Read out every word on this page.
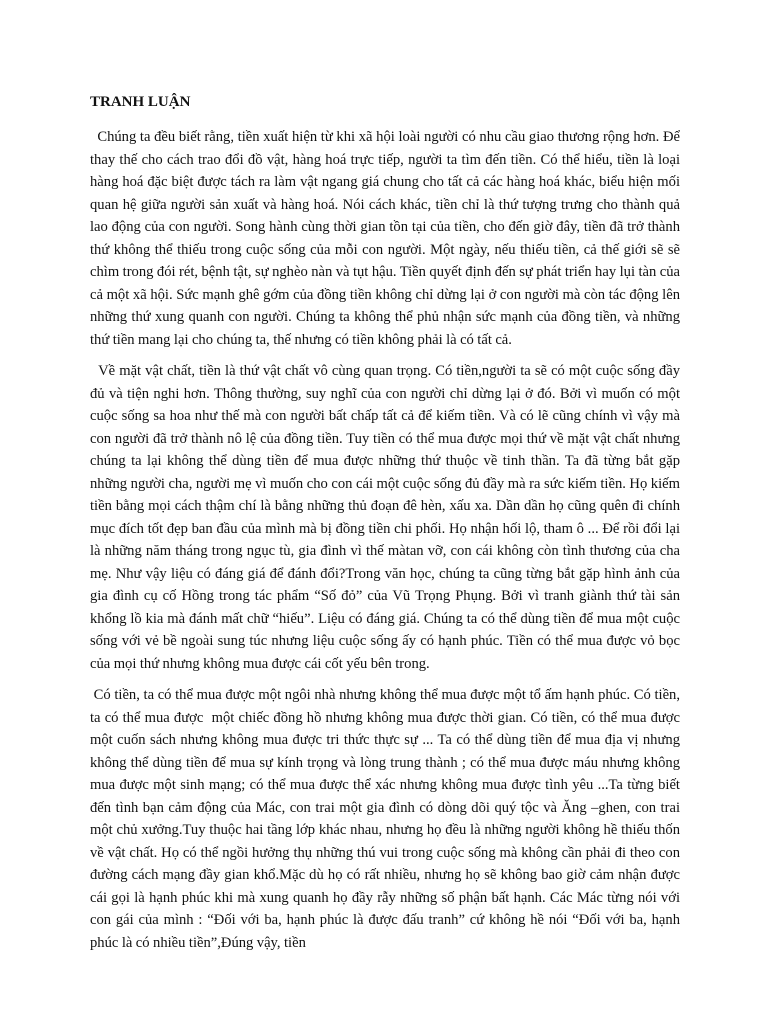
TRANH LUẬN

Chúng ta đều biết rằng, tiền xuất hiện từ khi xã hội loài người có nhu cầu giao thương rộng hơn. Để thay thế cho cách trao đổi đồ vật, hàng hoá trực tiếp, người ta tìm đến tiền. Có thể hiểu, tiền là loại hàng hoá đặc biệt được tách ra làm vật ngang giá chung cho tất cả các hàng hoá khác, biểu hiện mối quan hệ giữa người sản xuất và hàng hoá. Nói cách khác, tiền chỉ là thứ tượng trưng cho thành quả lao động của con người. Song hành cùng thời gian tồn tại của tiền, cho đến giờ đây, tiền đã trở thành thứ không thể thiếu trong cuộc sống của mỗi con người. Một ngày, nếu thiếu tiền, cả thế giới sẽ sẽ chìm trong đói rét, bệnh tật, sự nghèo nàn và tụt hậu. Tiền quyết định đến sự phát triển hay lụi tàn của cả một xã hội. Sức mạnh ghê gớm của đồng tiền không chỉ dừng lại ở con người mà còn tác động lên những thứ xung quanh con người. Chúng ta không thể phủ nhận sức mạnh của đồng tiền, và những thứ tiền mang lại cho chúng ta, thế nhưng có tiền không phải là có tất cả.

Về mặt vật chất, tiền là thứ vật chất vô cùng quan trọng. Có tiền,người ta sẽ có một cuộc sống đầy đủ và tiện nghi hơn. Thông thường, suy nghĩ của con người chỉ dừng lại ở đó. Bởi vì muốn có một cuộc sống sa hoa như thế mà con người bất chấp tất cả để kiếm tiền. Và có lẽ cũng chính vì vậy mà con người đã trở thành nô lệ của đồng tiền. Tuy tiền có thể mua được mọi thứ về mặt vật chất nhưng chúng ta lại không thể dùng tiền để mua được những thứ thuộc về tinh thần. Ta đã từng bắt gặp những người cha, người mẹ vì muốn cho con cái một cuộc sống đủ đầy mà ra sức kiếm tiền. Họ kiếm tiền bằng mọi cách thậm chí là bằng những thủ đoạn đê hèn, xấu xa. Dần dần họ cũng quên đi chính mục đích tốt đẹp ban đầu của mình mà bị đồng tiền chi phối. Họ nhận hối lộ, tham ô ... Để rồi đổi lại là những năm tháng trong ngục tù, gia đình vì thế màtan vỡ, con cái không còn tình thương của cha mẹ. Như vậy liệu có đáng giá để đánh đổi?Trong văn học, chúng ta cũng từng bắt gặp hình ảnh của gia đình cụ cố Hồng trong tác phẩm “Số đỏ” của Vũ Trọng Phụng. Bởi vì tranh giành thứ tài sản khổng lồ kia mà đánh mất chữ “hiếu”. Liệu có đáng giá. Chúng ta có thể dùng tiền để mua một cuộc sống với vẻ bề ngoài sung túc nhưng liệu cuộc sống ấy có hạnh phúc. Tiền có thể mua được vỏ bọc của mọi thứ nhưng không mua được cái cốt yếu bên trong.

Có tiền, ta có thể mua được một ngôi nhà nhưng không thể mua được một tổ ấm hạnh phúc. Có tiền, ta có thể mua được  một chiếc đồng hồ nhưng không mua được thời gian. Có tiền, có thể mua được một cuốn sách nhưng không mua được tri thức thực sự ... Ta có thể dùng tiền để mua địa vị nhưng không thể dùng tiền để mua sự kính trọng và lòng trung thành ; có thể mua được máu nhưng không mua được một sinh mạng; có thể mua được thể xác nhưng không mua được tình yêu ...Ta từng biết đến tình bạn cảm động của Mác, con trai một gia đình có dòng dõi quý tộc và Ăng –ghen, con trai một chủ xưởng.Tuy thuộc hai tầng lớp khác nhau, nhưng họ đều là những người không hề thiếu thốn về vật chất. Họ có thể ngồi hưởng thụ những thú vui trong cuộc sống mà không cần phải đi theo con đường cách mạng đầy gian khổ.Mặc dù họ có rất nhiều, nhưng họ sẽ không bao giờ cảm nhận được cái gọi là hạnh phúc khi mà xung quanh họ đầy rẫy những số phận bất hạnh. Các Mác từng nói với con gái của mình : “Đối với ba, hạnh phúc là được đấu tranh” cứ không hề nói “Đối với ba, hạnh phúc là có nhiều tiền”,Đúng vậy, tiền
